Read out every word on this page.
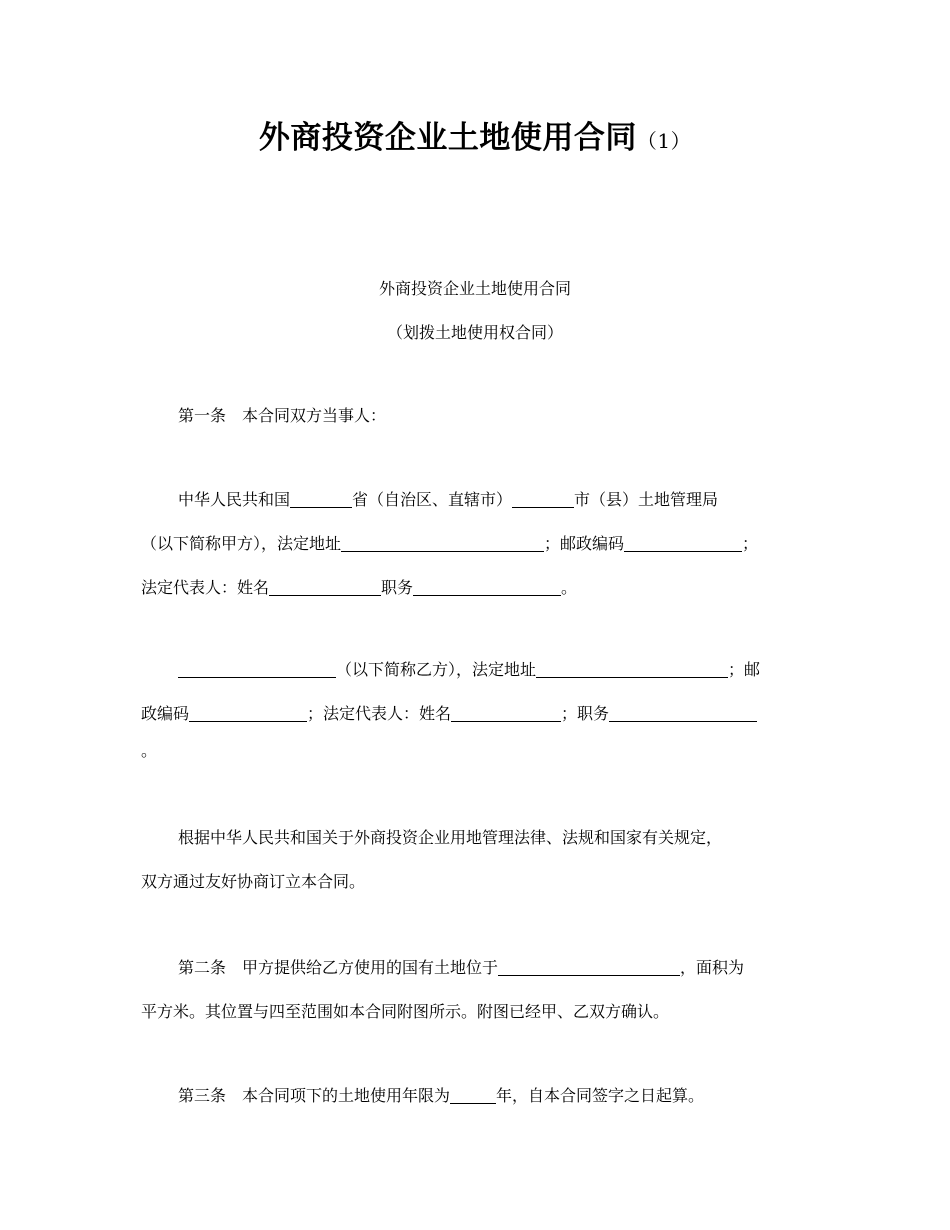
外商投资企业土地使用合同（1）
外商投资企业土地使用合同
（划拨土地使用权合同）
第一条 本合同双方当事人：
中华人民共和国	省（自治区、直辖市）	市（县）土地管理局
（以下简称甲方），法定地址	；邮政编码	；
法定代表人：姓名	职务	。
（以下简称乙方），法定地址	；邮
政编码	；法定代表人：姓名	；职务
。
根据中华人民共和国关于外商投资企业用地管理法律、法规和国家有关规定，
双方通过友好协商订立本合同。
第二条 甲方提供给乙方使用的国有土地位于	，面积为
平方米。其位置与四至范围如本合同附图所示。附图已经甲、乙双方确认。
第三条 本合同项下的土地使用年限为	年，自本合同签字之日起算。
